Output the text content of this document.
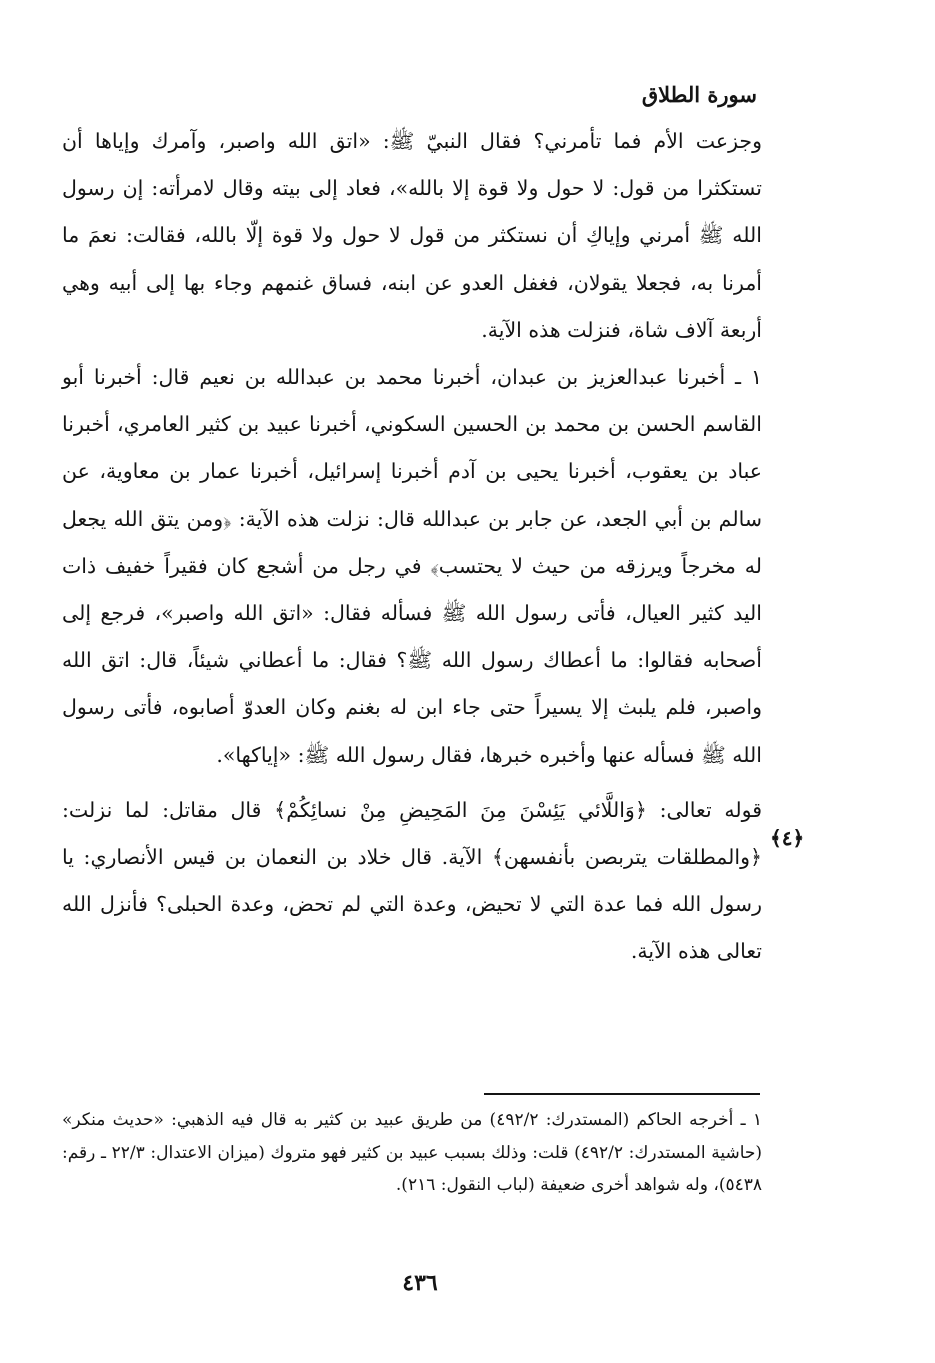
سورة الطلاق

وجزعت الأم فما تأمرني؟ فقال النبيّ ﷺ: «اتق الله واصبر، وآمرك وإياها أن تستكثرا من قول: لا حول ولا قوة إلا بالله»، فعاد إلى بيته وقال لامرأته: إن رسول الله ﷺ أمرني وإياكِ أن نستكثر من قول لا حول ولا قوة إلّا بالله، فقالت: نعمَ ما أمرنا به، فجعلا يقولان، فغفل العدو عن ابنه، فساق غنمهم وجاء بها إلى أبيه وهي أربعة آلاف شاة، فنزلت هذه الآية.

١ ـ أخبرنا عبدالعزيز بن عبدان، أخبرنا محمد بن عبدالله بن نعيم قال: أخبرنا أبو القاسم الحسن بن محمد بن الحسين السكوني، أخبرنا عبيد بن كثير العامري، أخبرنا عباد بن يعقوب، أخبرنا يحيى بن آدم أخبرنا إسرائيل، أخبرنا عمار بن معاوية، عن سالم بن أبي الجعد، عن جابر بن عبدالله قال: نزلت هذه الآية: ﴿ومن يتق الله يجعل له مخرجاً ويرزقه من حيث لا يحتسب﴾ في رجل من أشجع كان فقيراً خفيف ذات اليد كثير العيال، فأتى رسول الله ﷺ فسأله فقال: «اتق الله واصبر»، فرجع إلى أصحابه فقالوا: ما أعطاك رسول الله ﷺ؟ فقال: ما أعطاني شيئاً، قال: اتق الله واصبر، فلم يلبث إلا يسيراً حتى جاء ابن له بغنم وكان العدوّ أصابوه، فأتى رسول الله ﷺ فسأله عنها وأخبره خبرها، فقال رسول الله ﷺ: «إياكها».

قوله تعالى: ﴿وَاللَّائي يَئِسْنَ مِنَ المَحِيضِ مِنْ نسائِكُمْ﴾ قال مقاتل: لما نزلت: ﴿والمطلقات يتربصن بأنفسهن﴾ الآية. قال خلاد بن النعمان بن قيس الأنصاري: يا رسول الله فما عدة التي لا تحيض، وعدة التي لم تحض، وعدة الحبلى؟ فأنزل الله تعالى هذه الآية.

﴿٤﴾

١ ـ أخرجه الحاكم (المستدرك: ٤٩٢/٢) من طريق عبيد بن كثير به قال فيه الذهبي: «حديث منكر» (حاشية المستدرك: ٤٩٢/٢) قلت: وذلك بسبب عبيد بن كثير فهو متروك (ميزان الاعتدال: ٢٢/٣ ـ رقم: ٥٤٣٨)، وله شواهد أخرى ضعيفة (لباب النقول: ٢١٦).

٤٣٦
